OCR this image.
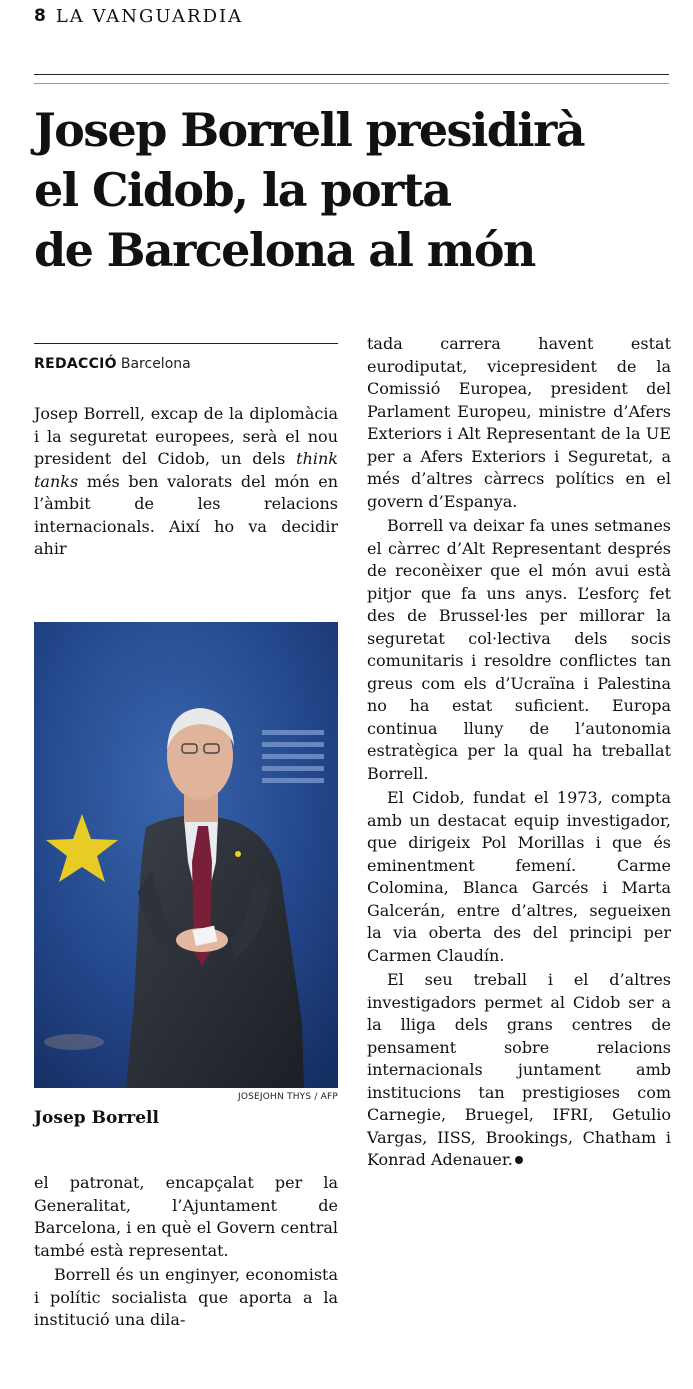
8 LA VANGUARDIA
Josep Borrell presidirà
el Cidob, la porta
de Barcelona al món
REDACCIÓ Barcelona

Josep Borrell, excap de la diplomàcia i la seguretat europees, serà el nou president del Cidob, un dels think tanks més ben valorats del món en l’àmbit de les relacions internacionals. Així ho va decidir ahir

JOSEJOHN THYS / AFP
Josep Borrell

el patronat, encapçalat per la Generalitat, l’Ajuntament de Barcelona, i en què el Govern central també està representat.

Borrell és un enginyer, economista i polític socialista que aporta a la institució una dila-

tada carrera havent estat eurodiputat, vicepresident de la Comissió Europea, president del Parlament Europeu, ministre d’Afers Exteriors i Alt Representant de la UE per a Afers Exteriors i Seguretat, a més d’altres càrrecs polítics en el govern d’Espanya.

Borrell va deixar fa unes setmanes el càrrec d’Alt Representant després de reconèixer que el món avui està pitjor que fa uns anys. L’esforç fet des de Brussel·les per millorar la seguretat col·lectiva dels socis comunitaris i resoldre conflictes tan greus com els d’Ucraïna i Palestina no ha estat suficient. Europa continua lluny de l’autonomia estratègica per la qual ha treballat Borrell.

El Cidob, fundat el 1973, compta amb un destacat equip investigador, que dirigeix Pol Morillas i que és eminentment femení. Carme Colomina, Blanca Garcés i Marta Galcerán, entre d’altres, segueixen la via oberta des del principi per Carmen Claudín.

El seu treball i el d’altres investigadors permet al Cidob ser a la lliga dels grans centres de pensament sobre relacions internacionals juntament amb institucions tan prestigioses com Carnegie, Bruegel, IFRI, Getulio Vargas, IISS, Brookings, Chatham i Konrad Adenauer.
